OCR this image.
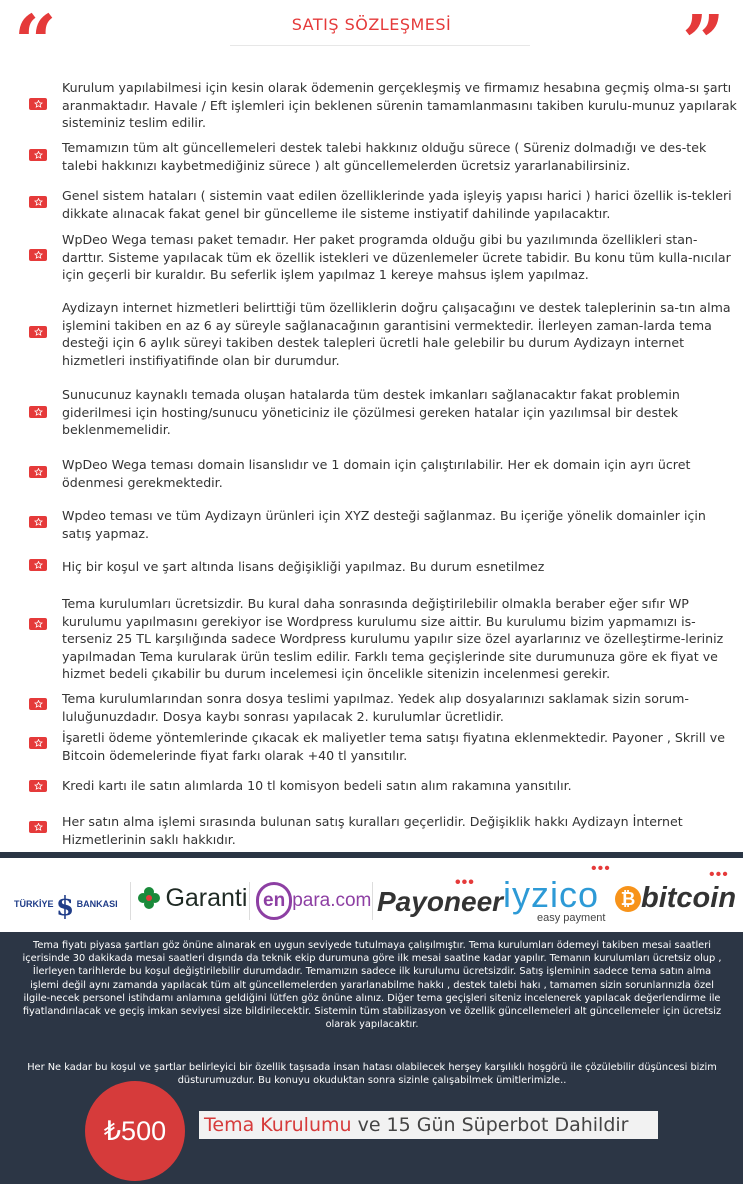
“	”
SATIŞ SÖZLEŞMESİ

Kurulum yapılabilmesi için kesin olarak ödemenin gerçekleşmiş ve firmamız hesabına geçmiş olma-sı şartı aranmaktadır. Havale / Eft işlemleri için beklenen sürenin tamamlanmasını takiben kurulu-munuz yapılarak sisteminiz teslim edilir.

Temamızın tüm alt güncellemeleri destek talebi hakkınız olduğu sürece ( Süreniz dolmadığı ve des-tek talebi hakkınızı kaybetmediğiniz sürece ) alt güncellemelerden ücretsiz yararlanabilirsiniz.

Genel sistem hataları ( sistemin vaat edilen özelliklerinde yada işleyiş yapısı harici ) harici özellik is-tekleri dikkate alınacak fakat genel bir güncelleme ile sisteme instiyatif dahilinde yapılacaktır.

WpDeo Wega teması paket temadır. Her paket programda olduğu gibi bu yazılımında özellikleri stan-darttır. Sisteme yapılacak tüm ek özellik istekleri ve düzenlemeler ücrete tabidir. Bu konu tüm kulla-nıcılar için geçerli bir kuraldır. Bu seferlik işlem yapılmaz 1 kereye mahsus işlem yapılmaz.

Aydizayn internet hizmetleri belirttiği tüm özelliklerin doğru çalışacağını ve destek taleplerinin sa-tın alma işlemini takiben en az 6 ay süreyle sağlanacağının garantisini vermektedir. İlerleyen zaman-larda tema desteği için 6 aylık süreyi takiben destek talepleri ücretli hale gelebilir bu durum Aydizayn internet hizmetleri instifiyatifinde olan bir durumdur.

Sunucunuz kaynaklı temada oluşan hatalarda tüm destek imkanları sağlanacaktır fakat problemin giderilmesi için hosting/sunucu yöneticiniz ile çözülmesi gereken hatalar için yazılımsal bir destek beklenmemelidir.

WpDeo Wega teması domain lisanslıdır ve 1 domain için çalıştırılabilir. Her ek domain için ayrı ücret ödenmesi gerekmektedir.

Wpdeo teması ve tüm Aydizayn ürünleri için XYZ desteği sağlanmaz. Bu içeriğe yönelik domainler için satış yapmaz.

Hiç bir koşul ve şart altında lisans değişikliği yapılmaz. Bu durum esnetilmez

Tema kurulumları ücretsizdir. Bu kural daha sonrasında değiştirilebilir olmakla beraber eğer sıfır WP kurulumu yapılmasını gerekiyor ise Wordpress kurulumu size aittir. Bu kurulumu bizim yapmamızı is-terseniz 25 TL karşılığında sadece Wordpress kurulumu yapılır size özel ayarlarınız ve özelleştirme-leriniz yapılmadan Tema kurularak ürün teslim edilir. Farklı tema geçişlerinde site durumunuza göre ek fiyat ve hizmet bedeli çıkabilir bu durum incelemesi için öncelikle sitenizin incelenmesi gerekir.

Tema kurulumlarından sonra dosya teslimi yapılmaz. Yedek alıp dosyalarınızı saklamak sizin sorum-luluğunuzdadır. Dosya kaybı sonrası yapılacak 2. kurulumlar ücretlidir.

İşaretli ödeme yöntemlerinde çıkacak ek maliyetler tema satışı fiyatına eklenmektedir. Payoner , Skrill ve Bitcoin ödemelerinde fiyat farkı olarak +40 tl yansıtılır.

Kredi kartı ile satın alımlarda 10 tl komisyon bedeli satın alım rakamına yansıtılır.

Her satın alma işlemi sırasında bulunan satış kuralları geçerlidir. Değişiklik hakkı Aydizayn İnternet Hizmetlerinin saklı hakkıdır.

TÜRKİYE $ BANKASI	Garanti en para.com Payoneer
••• iyzico
•••
easy payment
₿ bitcoin
•••

Tema fiyatı piyasa şartları göz önüne alınarak en uygun seviyede tutulmaya çalışılmıştır. Tema kurulumları ödemeyi takiben mesai saatleri içerisinde 30 dakikada mesai saatleri dışında da teknik ekip durumuna göre ilk mesai saatine kadar yapılır. Temanın kurulumları ücretsiz olup , İlerleyen tarihlerde bu koşul değiştirilebilir durumdadır. Temamızın sadece ilk kurulumu ücretsizdir. Satış işleminin sadece tema satın alma işlemi değil aynı zamanda yapılacak tüm alt güncellemelerden yararlanabilme hakkı , destek talebi hakı , tamamen sizin sorunlarınızla özel ilgile-necek personel istihdamı anlamına geldiğini lütfen göz önüne alınız. Diğer tema geçişleri siteniz incelenerek yapılacak değerlendirme ile fiyatlandırılacak ve geçiş imkan seviyesi size bildirilecektir. Sistemin tüm stabilizasyon ve özellik güncellemeleri alt güncellemeler için ücretsiz olarak yapılacaktır.

Her Ne kadar bu koşul ve şartlar belirleyici bir özellik taşısada insan hatası olabilecek herşey karşılıklı hoşgörü ile çözülebilir düşüncesi bizim düsturumuzdur. Bu konuyu okuduktan sonra sizinle çalışabilmek ümitlerimizle..

₺500	Tema Kurulumu ve 15 Gün Süperbot Dahildir
